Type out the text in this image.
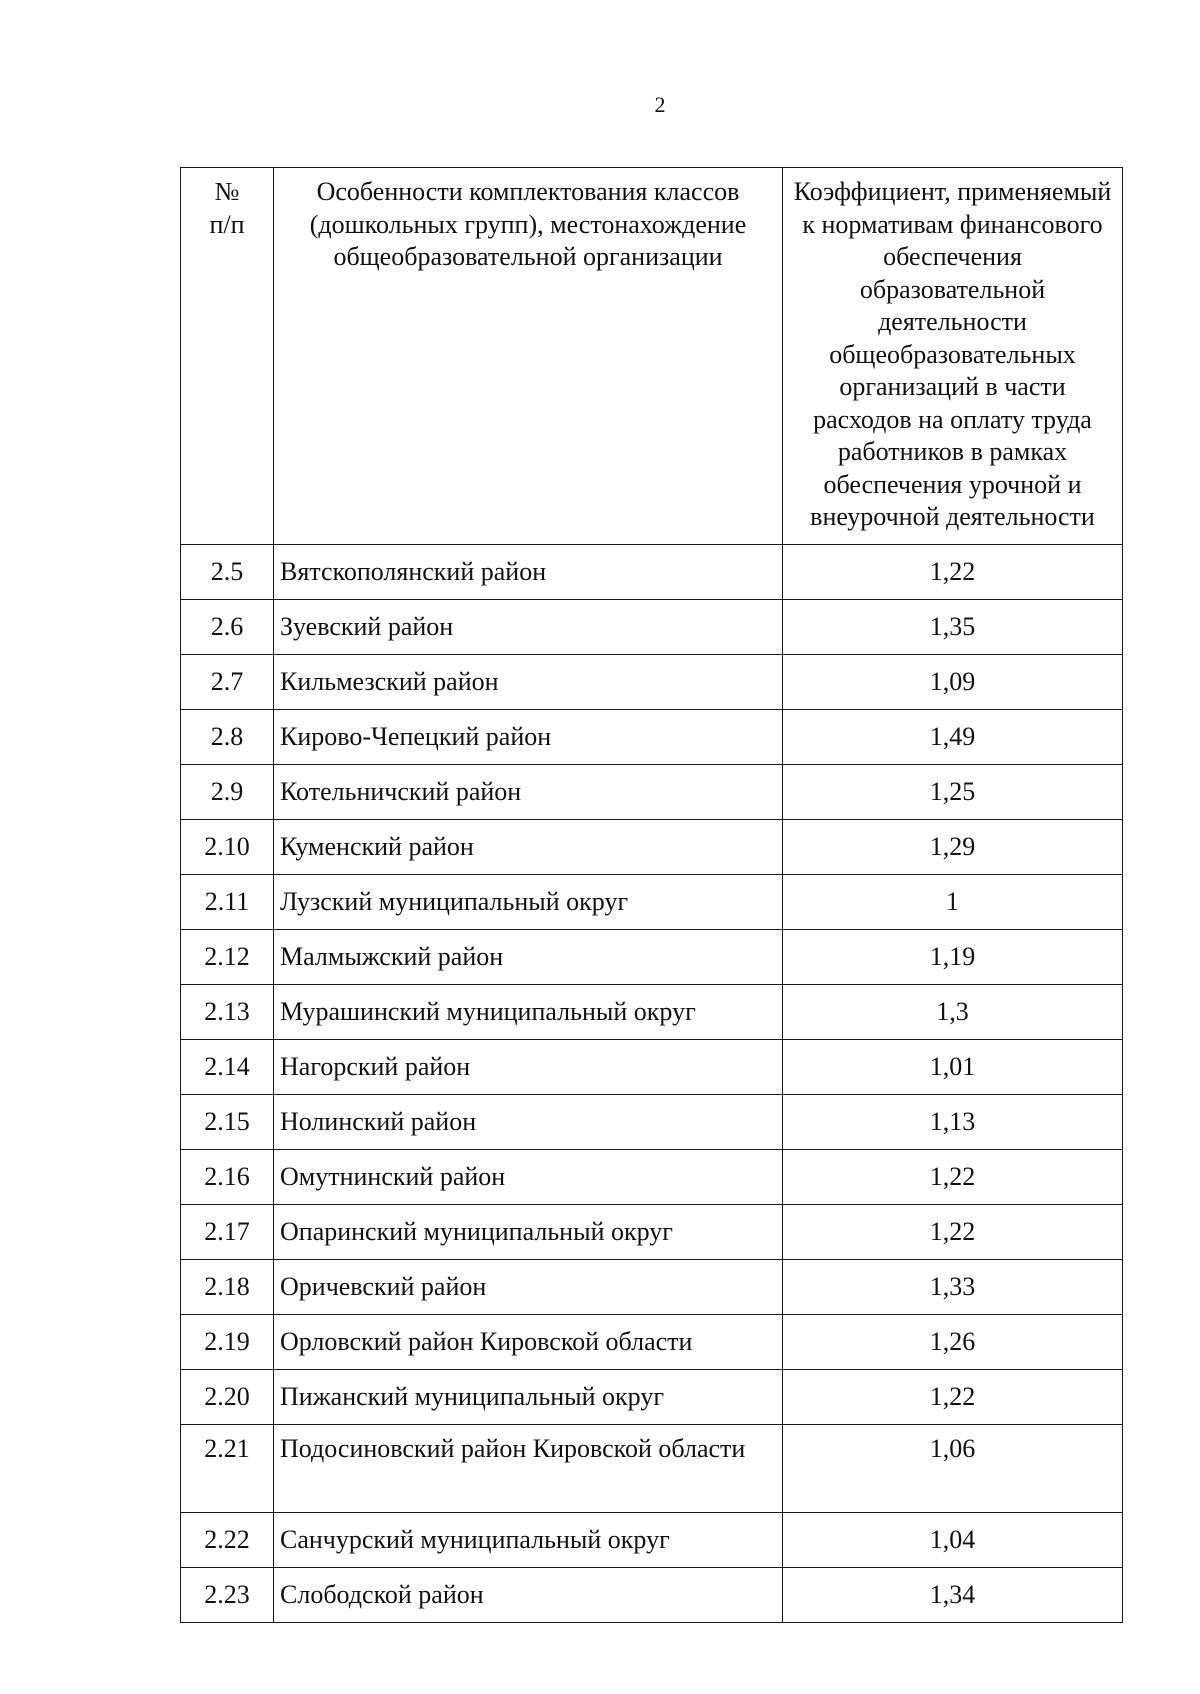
2
№ п/п	Особенности комплектования классов (дошкольных групп), местонахождение общеобразовательной организации	Коэффициент, применяемый к нормативам финансового обеспечения образовательной деятельности общеобразовательных организаций в части расходов на оплату труда работников в рамках обеспечения урочной и внеурочной деятельности

2.5	Вятскополянский район	1,22
2.6	Зуевский район	1,35
2.7	Кильмезский район	1,09
2.8	Кирово-Чепецкий район	1,49
2.9	Котельничский район	1,25
2.10	Куменский район	1,29
2.11	Лузский муниципальный округ	1
2.12	Малмыжский район	1,19
2.13	Мурашинский муниципальный округ	1,3
2.14	Нагорский район	1,01
2.15	Нолинский район	1,13
2.16	Омутнинский район	1,22
2.17	Опаринский муниципальный округ	1,22
2.18	Оричевский район	1,33
2.19	Орловский район Кировской области	1,26
2.20	Пижанский муниципальный округ	1,22
2.21	Подосиновский район Кировской области	1,06
2.22	Санчурский муниципальный округ	1,04
2.23	Слободской район	1,34
